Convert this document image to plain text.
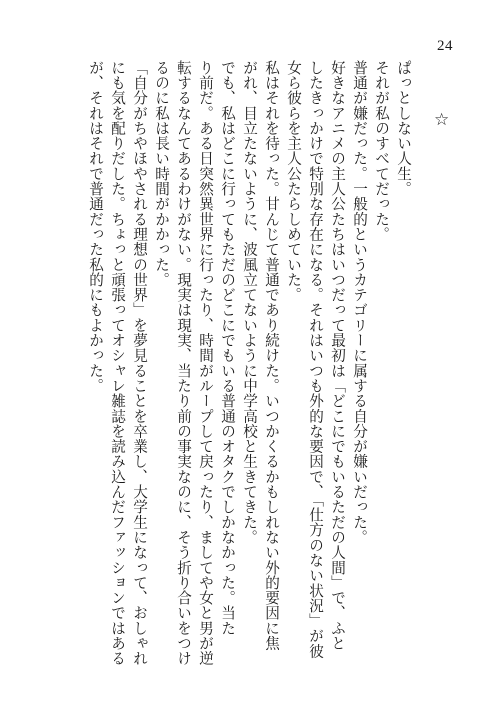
24
☆
ぱっとしない人生。
それが私のすべてだった。
普通が嫌だった。一般的というカテゴリーに属する自分が嫌いだった。
好きなアニメの主人公たちはいつだって最初は「どこにでもいるただの人間」で、ふと
したきっかけで特別な存在になる。それはいつも外的な要因で、「仕方のない状況」が彼
女ら彼らを主人公たらしめていた。
私はそれを待った。甘んじて普通であり続けた。いつかくるかもしれない外的要因に焦
がれ、目立たないように、波風立てないように中学高校と生きてきた。
でも、私はどこに行ってもただのどこにでもいる普通のオタクでしかなかった。当た
り前だ。ある日突然異世界に行ったり、時間がループして戻ったり、ましてや女と男が逆
転するなんてあるわけがない。現実は現実、当たり前の事実なのに、そう折り合いをつけ
るのに私は長い時間がかかった。
「自分がちやほやされる理想の世界」を夢見ることを卒業し、大学生になって、おしゃれ
にも気を配りだした。ちょっと頑張ってオシャレ雑誌を読み込んだファッションではある
が、それはそれで普通だった私的にもよかった。
